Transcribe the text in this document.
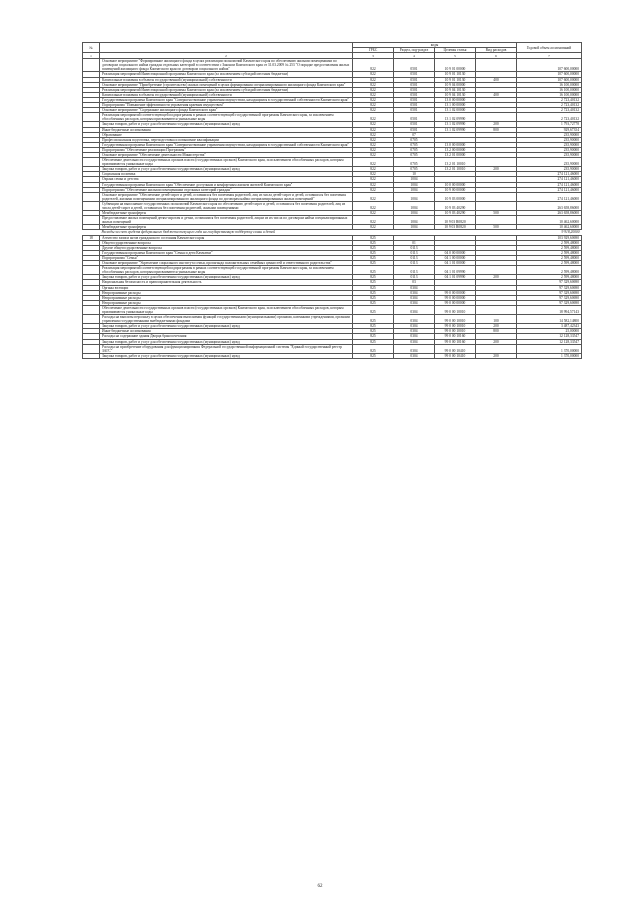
№		коды				Годовой объем ассигнований
		ГРБС	Раздел, под-раздел	Целевая статья	Вид расходов	
1	2	3	4	5	6	7
	Основное мероприятие "Формирование жилищного фонда в целях реализации полномочий Камчатского края по обеспечению жилыми помещениями по договорам социального найма граждан отдельных категорий в соответствии с Законом Камчатского края от 31.03.2009 № 253 "О порядке предоставления жилых помещений жилищного фонда Камчатского края по договорам социального найма"	822	0501	10 9 01 00000		107 600,00000
	Реализация мероприятий Инвестиционной программы Камчатского края (за исключением субсидий местным бюджетам)	822	0501	10 9 01 10130		107 600,00000
	Капитальные вложения в объекты государственной (муниципальной) собственности	822	0501	10 9 01 10130	400	107 600,00000
	Основное мероприятие "Приобретение (строительство) жилых помещений в целях формирования специализированного жилищного фонда Камчатского края"	822	0501	10 9 04 00000		16 100,00000
	Реализация мероприятий Инвестиционной программы Камчатского края (за исключением субсидий местным бюджетам)	822	0501	10 9 04 10130		16 100,00000
	Капитальные вложения в объекты государственной (муниципальной) собственности	822	0501	10 9 04 10130	400	16 100,00000
	Государственная программа Камчатского края "Совершенствование управления имуществом, находящимся в государственной собственности Камчатского края"	822	0501	13 0 00 00000		2 723,40132
	Подпрограмма "Повышение эффективности управления краевым имуществом"	822	0501	13 1 00 00000		2 723,40132
	Основное мероприятие "Содержание жилищного фонда Камчатского края"	822	0501	13 1 02 00000		2 723,40132
	Реализация мероприятий соответствующей подпрограммы в рамках соответствующей государственной программы Камчатского края, за исключением обособленных расходов, которым присваиваются уникальные коды	822	0501	13 1 02 09990		2 723,40132
	Закупка товаров, работ и услуг для обеспечения государственных (муниципальных) нужд	822	0501	13 1 02 09990	200	1 793,72778
	Иные бюджетные ассигнования	822	0501	13 1 02 09990	800	929,67354
	Образование	822	07			235,90000
	Профессиональная подготовка, переподготовка и повышение квалификации	822	0705			235,90000
	Государственная программа Камчатского края "Совершенствование управления имуществом, находящимся в государственной собственности Камчатского края"	822	0705	13 0 00 00000		235,90000
	Подпрограмма "Обеспечение реализации Программы"	822	0705	13 2 00 00000		235,90000
	Основное мероприятие "Обеспечение деятельности Министерства"	822	0705	13 2 01 00000		235,90000
	Обеспечение деятельности государственных органов власти (государственных органов) Камчатского края, за исключением обособленных расходов, которым присваиваются уникальные коды	822	0705	13 2 01 10010		235,90000
	Закупка товаров, работ и услуг для обеспечения государственных (муниципальных) нужд	822	0705	13 2 01 10010	200	235,90000
	Социальная политика	822	10			274 121,46000
	Охрана семьи и детства	822	1004			274 121,46000
	Государственная программа Камчатского края "Обеспечение доступным и комфортным жильем жителей Камчатского края"	822	1004	10 0 00 00000		274 121,46000
	Подпрограмма "Обеспечение жилыми помещениями отдельных категорий граждан"	822	1004	10 9 00 00000		274 121,46000
	Основное мероприятие "Обеспечение детей-сирот и детей, оставшихся без попечения родителей, лиц из числа детей-сирот и детей, оставшихся без попечения родителей, жилыми помещениями специализированного жилищного фонда по договорам найма специализированных жилых помещений"	822	1004	10 9 03 00000		274 121,46000
	Субвенции на выполнение государственных полномочий Камчатского края по обеспечению детей-сирот и детей, оставшихся без попечения родителей, лиц из числа детей-сирот и детей, оставшихся без попечения родителей, жилыми помещениями	822	1004	10 9 03 40290		263 658,86000
	Межбюджетные трансферты	822	1004	10 9 03 40290	500	263 658,86000
	Предоставление жилых помещений детям-сиротам и детям, оставшимся без попечения родителей, лицам из их числа по договорам найма специализированных жилых помещений	822	1004	10 9 03 R0820		10 462,60000
	Межбюджетные трансферты	822	1004	10 9 03 R0820	500	10 462,60000
	Расходы за счет средств федерального бюджета текущего года на государственную поддержку семьи и детей					9 918,20000
18	Агентство записи актов гражданского состояния Камчатского края	825				103 929,60690
	Общегосударственные вопросы	825	01			2 599,48000
	Другие общегосударственные вопросы	825	0113			2 599,48000
	Государственная программа Камчатского края "Семья и дети Камчатки"	825	0113	04 0 00 00000		2 599,48000
	Подпрограмма "Семья"	825	0113	04 1 00 00000		2 599,48000
	Основное мероприятие "Укрепление социального института семьи, пропаганда положительных семейных ценностей и ответственного родительства"	825	0113	04 1 01 00000		2 599,48000
	Реализация мероприятий соответствующей подпрограммы в рамках соответствующей государственной программы Камчатского края, за исключением обособленных расходов, которым присваиваются уникальные коды	825	0113	04 1 01 09990		2 599,48000
	Закупка товаров, работ и услуг для обеспечения государственных (муниципальных) нужд	825	0113	04 1 01 09990	200	2 599,48000
	Национальная безопасность и правоохранительная деятельность	825	03			97 329,60690
	Органы юстиции	825	0304			97 329,60690
	Непрограммные расходы	825	0304	99 0 00 00000		97 329,60690
	Непрограммные расходы	825	0304	99 0 00 00000		97 329,60690
	Непрограммные расходы	825	0304	99 0 00 00000		97 329,60690
	Обеспечение деятельности государственных органов власти (государственных органов) Камчатского края, за исключением обособленных расходов, которым присваиваются уникальные коды	825	0304	99 0 00 10010		18 994,57143
	Расходы на выплаты персоналу в целях обеспечения выполнения функций государственными (муниципальными) органами, казенными учреждениями, органами управления государственными внебюджетными фондами	825	0304	99 0 00 10010	100	14 582,14800
	Закупка товаров, работ и услуг для обеспечения государственных (муниципальных) нужд	825	0304	99 0 00 10010	200	3 487,42343
	Иные бюджетные ассигнования	825	0304	99 0 00 10010	800	25,00000
	Расходы на содержание здания Дворца бракосочетания	825	0304	99 0 00 10160		12 128,33547
	Закупка товаров, работ и услуг для обеспечения государственных (муниципальных) нужд	825	0304	99 0 00 10160	200	12 128,33547
	Расходы на приобретение оборудования для функционирования Федеральной государственной информационной системы "Единый государственный реестр ЗАГС"	825	0304	99 0 00 10410		1 370,00000
	Закупка товаров, работ и услуг для обеспечения государственных (муниципальных) нужд	825	0304	99 0 00 10410	200	1 370,00000
62
